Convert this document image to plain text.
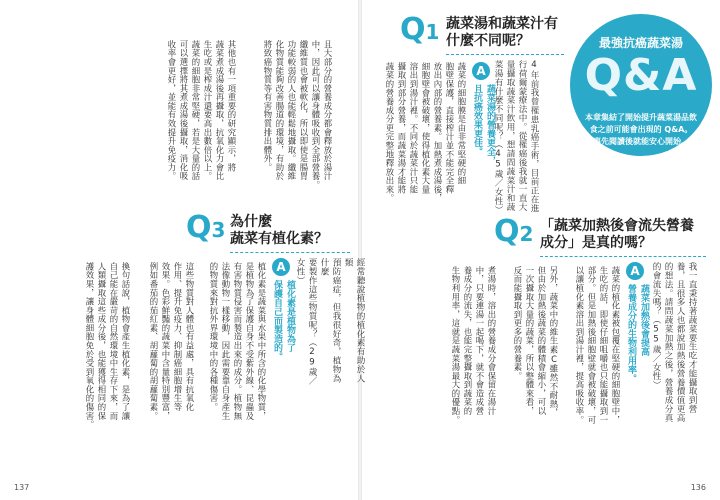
最強抗癌蔬菜湯
Q&A
本章集結了開始提升蔬菜湯品飲
食之前可能會出現的 Q&A。
事先閱讀後就能安心開始。
Q1 蔬菜湯和蔬菜汁有
什麼不同呢？
4年前我曾罹患乳癌手術，目前正在進
行荷爾蒙療法中。從罹癌後我就一直大
量攝取蔬菜汁飲用，想請問蔬菜汁和蔬
菜湯有什麼不同呢？（45歲／女性）
A
蔬菜湯的營養更全，
且抗癌效果更佳。
蔬菜的細胞膜是由非常堅硬的細
胞壁保護，直接榨汁並不能完全釋
放出內部的營養素。加熱煮成湯後，
細胞壁會被破壞，使得植化素大量
溶出到湯汁裡。不同於蔬菜汁只能
攝取到部分營養，而蔬菜湯才能將
蔬菜的營養成分更完整地釋放出來。
且大部分的營養成分都會釋放於湯汁
中，因此可以讓身體吸收到全部營養。
纖維質也會被軟化，所以即使是腸胃
功能較弱的人也能輕鬆地攝取。纖維
化物質能夠改善腸道的環境，有助於
將致癌物質等有害物質排出體外。
其他也有一項重要的研究顯示，將
蔬菜煮成湯後再攝取，抗氧化力會比
生吃或是榨成汁還要高出數倍以上。
蔬菜的細胞非常堅硬，若是大量的話
可以選擇將其煮成湯後攝取，消化吸
收率會更好，並能有效提升免疫力。
Q3 為什麼
蔬菜有植化素？
經常聽說植物的植化素有助於人類
預防癌症，但我很好奇，植物為什麼
要製作這些物質呢？（29歲／女性）
A
植化素是植物為了
保護自己而製造的。
植化素是蔬菜與水果中所含的化學物質，
是植物為了保護自身不受紫外線、昆蟲及
有害物質侵害而製造出來的成分。植物無
法像動物一樣移動，因此需要靠自身產生
的物質來對抗外界環境中的各種傷害。
這些物質對人體也有益處，具有抗氧化
作用、提升免疫力、抑制癌細胞增生等
效果。色彩鮮豔的蔬菜中含量特別豐富，
例如番茄的茄紅素、胡蘿蔔的胡蘿蔔素。
換句話說，植物會產生植化素，是為了讓
自己能在嚴苛的自然環境中生存下來，而
人類攝取這些成分後，也能獲得相同的保
護效果，讓身體細胞免於受到氧化的傷害。
Q2 「蔬菜加熱後會流失營養
成分」是真的嗎？
我一直秉持著蔬菜要生吃才能攝取到營
養，且很多人也都說加熱後營養價值更高
的想法。請問蔬菜加熱之後，營養成分真
的會流失嗎？（55歲／女性）
A
蔬菜加熱後會提高
營養成分的生物利用率。
蔬菜的植化素被包覆在堅硬的細胞壁中，
生吃的話，即使仔細咀嚼也只能攝取到一
部分。但是加熱後細胞壁就會被破壞，可
以讓植化素溶出到湯汁裡，提高吸收率。
另外，蔬菜中的維生素C雖然不耐熱，
但由於加熱後蔬菜的體積會縮小，可以
一次攝取大量的蔬菜，所以整體來看，
反而能攝取到更多的營養素。
煮湯時，溶出的營養成分會保留在湯汁
中，只要連湯一起喝下，就不會造成營
養成分的流失，也能完整攝取到蔬菜的
生物利用率，這就是蔬菜湯最大的優點。
137	136
